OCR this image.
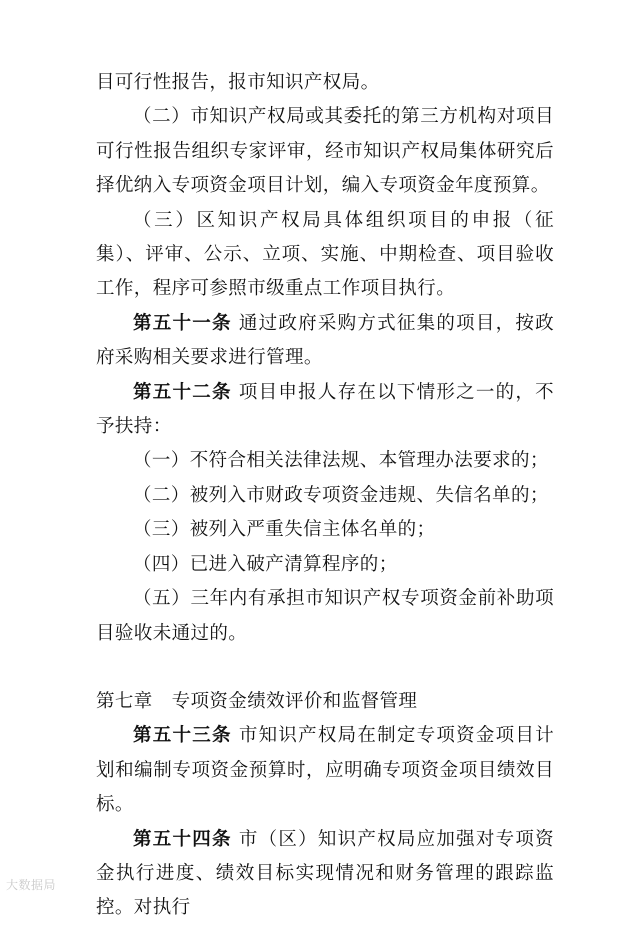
目可行性报告，报市知识产权局。

（二）市知识产权局或其委托的第三方机构对项目可行性报告组织专家评审，经市知识产权局集体研究后择优纳入专项资金项目计划，编入专项资金年度预算。

（三）区知识产权局具体组织项目的申报（征集）、评审、公示、立项、实施、中期检查、项目验收工作，程序可参照市级重点工作项目执行。

第五十一条 通过政府采购方式征集的项目，按政府采购相关要求进行管理。

第五十二条 项目申报人存在以下情形之一的，不予扶持：

（一）不符合相关法律法规、本管理办法要求的；

（二）被列入市财政专项资金违规、失信名单的；

（三）被列入严重失信主体名单的；

（四）已进入破产清算程序的；

（五）三年内有承担市知识产权专项资金前补助项目验收未通过的。

第七章　专项资金绩效评价和监督管理

第五十三条 市知识产权局在制定专项资金项目计划和编制专项资金预算时，应明确专项资金项目绩效目标。

第五十四条 市（区）知识产权局应加强对专项资金执行进度、绩效目标实现情况和财务管理的跟踪监控。对执行

大数据局
